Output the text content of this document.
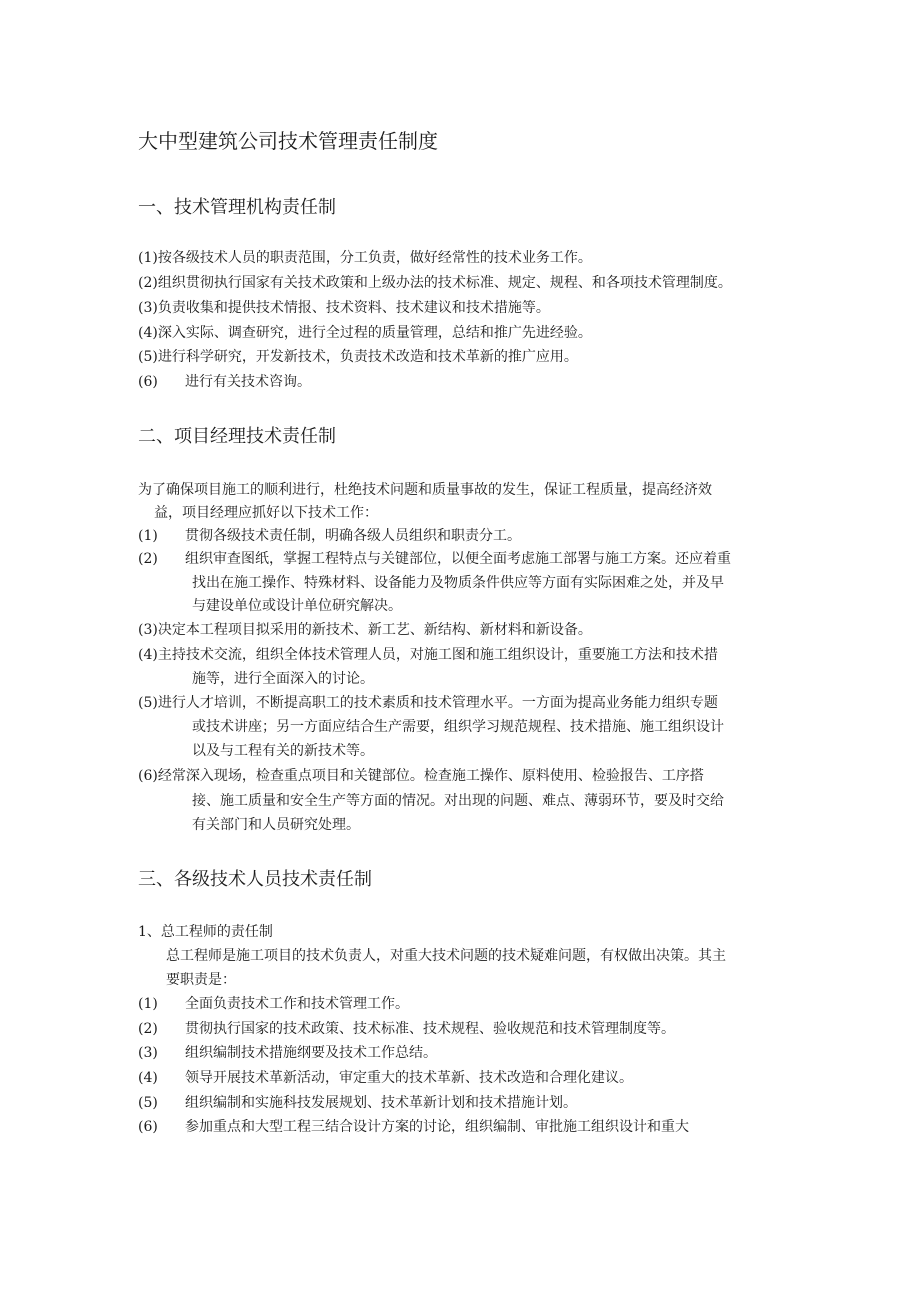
大中型建筑公司技术管理责任制度
一、技术管理机构责任制
(1)按各级技术人员的职责范围，分工负责，做好经常性的技术业务工作。
(2)组织贯彻执行国家有关技术政策和上级办法的技术标准、规定、规程、和各项技术管理制度。
(3)负责收集和提供技术情报、技术资料、技术建议和技术措施等。
(4)深入实际、调查研究，进行全过程的质量管理，总结和推广先进经验。
(5)进行科学研究，开发新技术，负责技术改造和技术革新的推广应用。
(6) 进行有关技术咨询。
二、项目经理技术责任制
为了确保项目施工的顺利进行，杜绝技术问题和质量事故的发生，保证工程质量，提高经济效
益，项目经理应抓好以下技术工作：
(1) 贯彻各级技术责任制，明确各级人员组织和职责分工。
(2) 组织审查图纸，掌握工程特点与关键部位，以便全面考虑施工部署与施工方案。还应着重
找出在施工操作、特殊材料、设备能力及物质条件供应等方面有实际困难之处，并及早
与建设单位或设计单位研究解决。
(3)决定本工程项目拟采用的新技术、新工艺、新结构、新材料和新设备。
(4)主持技术交流，组织全体技术管理人员，对施工图和施工组织设计，重要施工方法和技术措
施等，进行全面深入的讨论。
(5)进行人才培训，不断提高职工的技术素质和技术管理水平。一方面为提高业务能力组织专题
或技术讲座；另一方面应结合生产需要，组织学习规范规程、技术措施、施工组织设计
以及与工程有关的新技术等。
(6)经常深入现场，检查重点项目和关键部位。检查施工操作、原料使用、检验报告、工序搭
接、施工质量和安全生产等方面的情况。对出现的问题、难点、薄弱环节，要及时交给
有关部门和人员研究处理。
三、各级技术人员技术责任制
1、总工程师的责任制
总工程师是施工项目的技术负责人，对重大技术问题的技术疑难问题，有权做出决策。其主
要职责是：
(1) 全面负责技术工作和技术管理工作。
(2) 贯彻执行国家的技术政策、技术标准、技术规程、验收规范和技术管理制度等。
(3) 组织编制技术措施纲要及技术工作总结。
(4) 领导开展技术革新活动，审定重大的技术革新、技术改造和合理化建议。
(5) 组织编制和实施科技发展规划、技术革新计划和技术措施计划。
(6) 参加重点和大型工程三结合设计方案的讨论，组织编制、审批施工组织设计和重大
